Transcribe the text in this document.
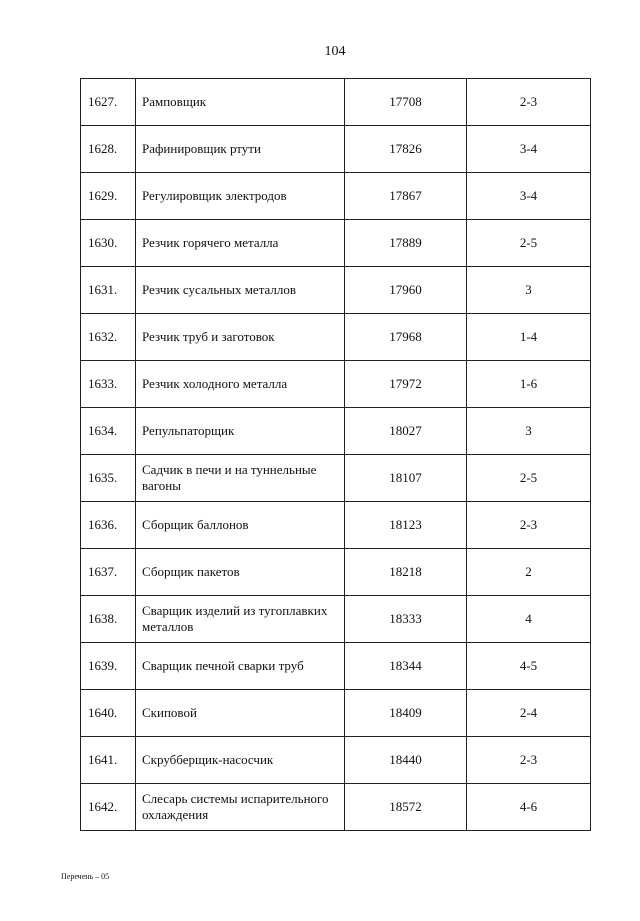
104
1627.	Рамповщик	17708	2-3
1628.	Рафинировщик ртути	17826	3-4
1629.	Регулировщик электродов	17867	3-4
1630.	Резчик горячего металла	17889	2-5
1631.	Резчик сусальных металлов	17960	3
1632.	Резчик труб и заготовок	17968	1-4
1633.	Резчик холодного металла	17972	1-6
1634.	Репульпаторщик	18027	3
1635.	Садчик в печи и на туннельные вагоны	18107	2-5
1636.	Сборщик баллонов	18123	2-3
1637.	Сборщик пакетов	18218	2
1638.	Сварщик изделий из тугоплавких металлов	18333	4
1639.	Сварщик печной сварки труб	18344	4-5
1640.	Скиповой	18409	2-4
1641.	Скрубберщик-насосчик	18440	2-3
1642.	Слесарь системы испарительного охлаждения	18572	4-6
Перечень – 05
